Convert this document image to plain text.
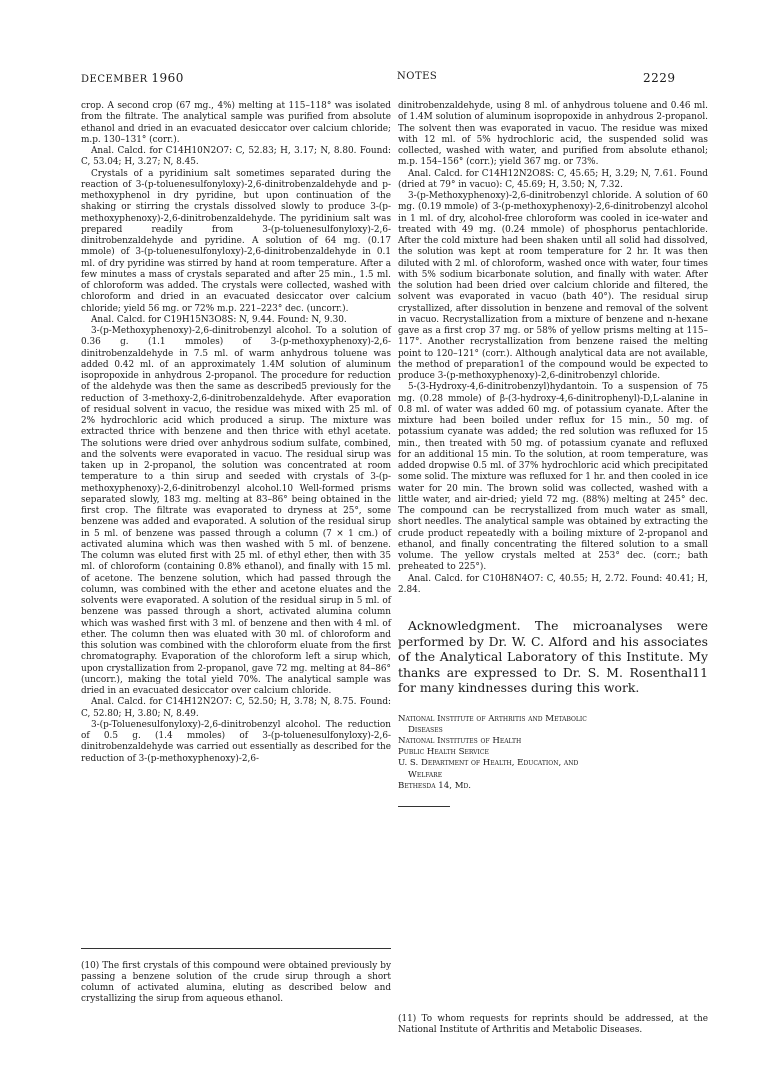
DECEMBER 1960	NOTES	2229

crop. A second crop (67 mg., 4%) melting at 115–118° was isolated from the filtrate. The analytical sample was purified from absolute ethanol and dried in an evacuated desiccator over calcium chloride; m.p. 130–131° (corr.).

Anal. Calcd. for C14H10N2O7: C, 52.83; H, 3.17; N, 8.80. Found: C, 53.04; H, 3.27; N, 8.45.

Crystals of a pyridinium salt sometimes separated during the reaction of 3-(p-toluenesulfonyloxy)-2,6-dinitrobenzaldehyde and p-methoxyphenol in dry pyridine, but upon continuation of the shaking or stirring the crystals dissolved slowly to produce 3-(p-methoxyphenoxy)-2,6-dinitrobenzaldehyde. The pyridinium salt was prepared readily from 3-(p-toluenesulfonyloxy)-2,6-dinitrobenzaldehyde and pyridine. A solution of 64 mg. (0.17 mmole) of 3-(p-toluenesulfonyloxy)-2,6-dinitrobenzaldehyde in 0.1 ml. of dry pyridine was stirred by hand at room temperature. After a few minutes a mass of crystals separated and after 25 min., 1.5 ml. of chloroform was added. The crystals were collected, washed with chloroform and dried in an evacuated desiccator over calcium chloride; yield 56 mg. or 72% m.p. 221–223° dec. (uncorr.).

Anal. Calcd. for C19H15N3O8S: N, 9.44. Found: N, 9.30.

3-(p-Methoxyphenoxy)-2,6-dinitrobenzyl alcohol. To a solution of 0.36 g. (1.1 mmoles) of 3-(p-methoxyphenoxy)-2,6-dinitrobenzaldehyde in 7.5 ml. of warm anhydrous toluene was added 0.42 ml. of an approximately 1.4M solution of aluminum isopropoxide in anhydrous 2-propanol. The procedure for reduction of the aldehyde was then the same as described5 previously for the reduction of 3-methoxy-2,6-dinitrobenzaldehyde. After evaporation of residual solvent in vacuo, the residue was mixed with 25 ml. of 2% hydrochloric acid which produced a sirup. The mixture was extracted thrice with benzene and then thrice with ethyl acetate. The solutions were dried over anhydrous sodium sulfate, combined, and the solvents were evaporated in vacuo. The residual sirup was taken up in 2-propanol, the solution was concentrated at room temperature to a thin sirup and seeded with crystals of 3-(p-methoxyphenoxy)-2,6-dinitrobenzyl alcohol.10 Well-formed prisms separated slowly, 183 mg. melting at 83–86° being obtained in the first crop. The filtrate was evaporated to dryness at 25°, some benzene was added and evaporated. A solution of the residual sirup in 5 ml. of benzene was passed through a column (7 × 1 cm.) of activated alumina which was then washed with 5 ml. of benzene. The column was eluted first with 25 ml. of ethyl ether, then with 35 ml. of chloroform (containing 0.8% ethanol), and finally with 15 ml. of acetone. The benzene solution, which had passed through the column, was combined with the ether and acetone eluates and the solvents were evaporated. A solution of the residual sirup in 5 ml. of benzene was passed through a short, activated alumina column which was washed first with 3 ml. of benzene and then with 4 ml. of ether. The column then was eluated with 30 ml. of chloroform and this solution was combined with the chloroform eluate from the first chromatography. Evaporation of the chloroform left a sirup which, upon crystallization from 2-propanol, gave 72 mg. melting at 84–86° (uncorr.), making the total yield 70%. The analytical sample was dried in an evacuated desiccator over calcium chloride.

Anal. Calcd. for C14H12N2O7: C, 52.50; H, 3.78; N, 8.75. Found: C, 52.80; H, 3.80; N, 8.49.

3-(p-Toluenesulfonyloxy)-2,6-dinitrobenzyl alcohol. The reduction of 0.5 g. (1.4 mmoles) of 3-(p-toluenesulfonyloxy)-2,6-dinitrobenzaldehyde was carried out essentially as described for the reduction of 3-(p-methoxyphenoxy)-2,6-

(10) The first crystals of this compound were obtained previously by passing a benzene solution of the crude sirup through a short column of activated alumina, eluting as described below and crystallizing the sirup from aqueous ethanol.

dinitrobenzaldehyde, using 8 ml. of anhydrous toluene and 0.46 ml. of 1.4M solution of aluminum isopropoxide in anhydrous 2-propanol. The solvent then was evaporated in vacuo. The residue was mixed with 12 ml. of 5% hydrochloric acid, the suspended solid was collected, washed with water, and purified from absolute ethanol; m.p. 154–156° (corr.); yield 367 mg. or 73%.

Anal. Calcd. for C14H12N2O8S: C, 45.65; H, 3.29; N, 7.61. Found (dried at 79° in vacuo): C, 45.69; H, 3.50; N, 7.32.

3-(p-Methoxyphenoxy)-2,6-dinitrobenzyl chloride. A solution of 60 mg. (0.19 mmole) of 3-(p-methoxyphenoxy)-2,6-dinitrobenzyl alcohol in 1 ml. of dry, alcohol-free chloroform was cooled in ice-water and treated with 49 mg. (0.24 mmole) of phosphorus pentachloride. After the cold mixture had been shaken until all solid had dissolved, the solution was kept at room temperature for 2 hr. It was then diluted with 2 ml. of chloroform, washed once with water, four times with 5% sodium bicarbonate solution, and finally with water. After the solution had been dried over calcium chloride and filtered, the solvent was evaporated in vacuo (bath 40°). The residual sirup crystallized, after dissolution in benzene and removal of the solvent in vacuo. Recrystallization from a mixture of benzene and n-hexane gave as a first crop 37 mg. or 58% of yellow prisms melting at 115–117°. Another recrystallization from benzene raised the melting point to 120–121° (corr.). Although analytical data are not available, the method of preparation1 of the compound would be expected to produce 3-(p-methoxyphenoxy)-2,6-dinitrobenzyl chloride.

5-(3-Hydroxy-4,6-dinitrobenzyl)hydantoin. To a suspension of 75 mg. (0.28 mmole) of β-(3-hydroxy-4,6-dinitrophenyl)-D,L-alanine in 0.8 ml. of water was added 60 mg. of potassium cyanate. After the mixture had been boiled under reflux for 15 min., 50 mg. of potassium cyanate was added; the red solution was refluxed for 15 min., then treated with 50 mg. of potassium cyanate and refluxed for an additional 15 min. To the solution, at room temperature, was added dropwise 0.5 ml. of 37% hydrochloric acid which precipitated some solid. The mixture was refluxed for 1 hr. and then cooled in ice water for 20 min. The brown solid was collected, washed with a little water, and air-dried; yield 72 mg. (88%) melting at 245° dec. The compound can be recrystallized from much water as small, short needles. The analytical sample was obtained by extracting the crude product repeatedly with a boiling mixture of 2-propanol and ethanol, and finally concentrating the filtered solution to a small volume. The yellow crystals melted at 253° dec. (corr.; bath preheated to 225°).

Anal. Calcd. for C10H8N4O7: C, 40.55; H, 2.72. Found: 40.41; H, 2.84.

Acknowledgment. The microanalyses were performed by Dr. W. C. Alford and his associates of the Analytical Laboratory of this Institute. My thanks are expressed to Dr. S. M. Rosenthal11 for many kindnesses during this work.

National Institute of Arthritis and Metabolic
Diseases
National Institutes of Health
Public Health Service
U. S. Department of Health, Education, and
Welfare
Bethesda 14, Md.
(11) To whom requests for reprints should be addressed, at the National Institute of Arthritis and Metabolic Diseases.
